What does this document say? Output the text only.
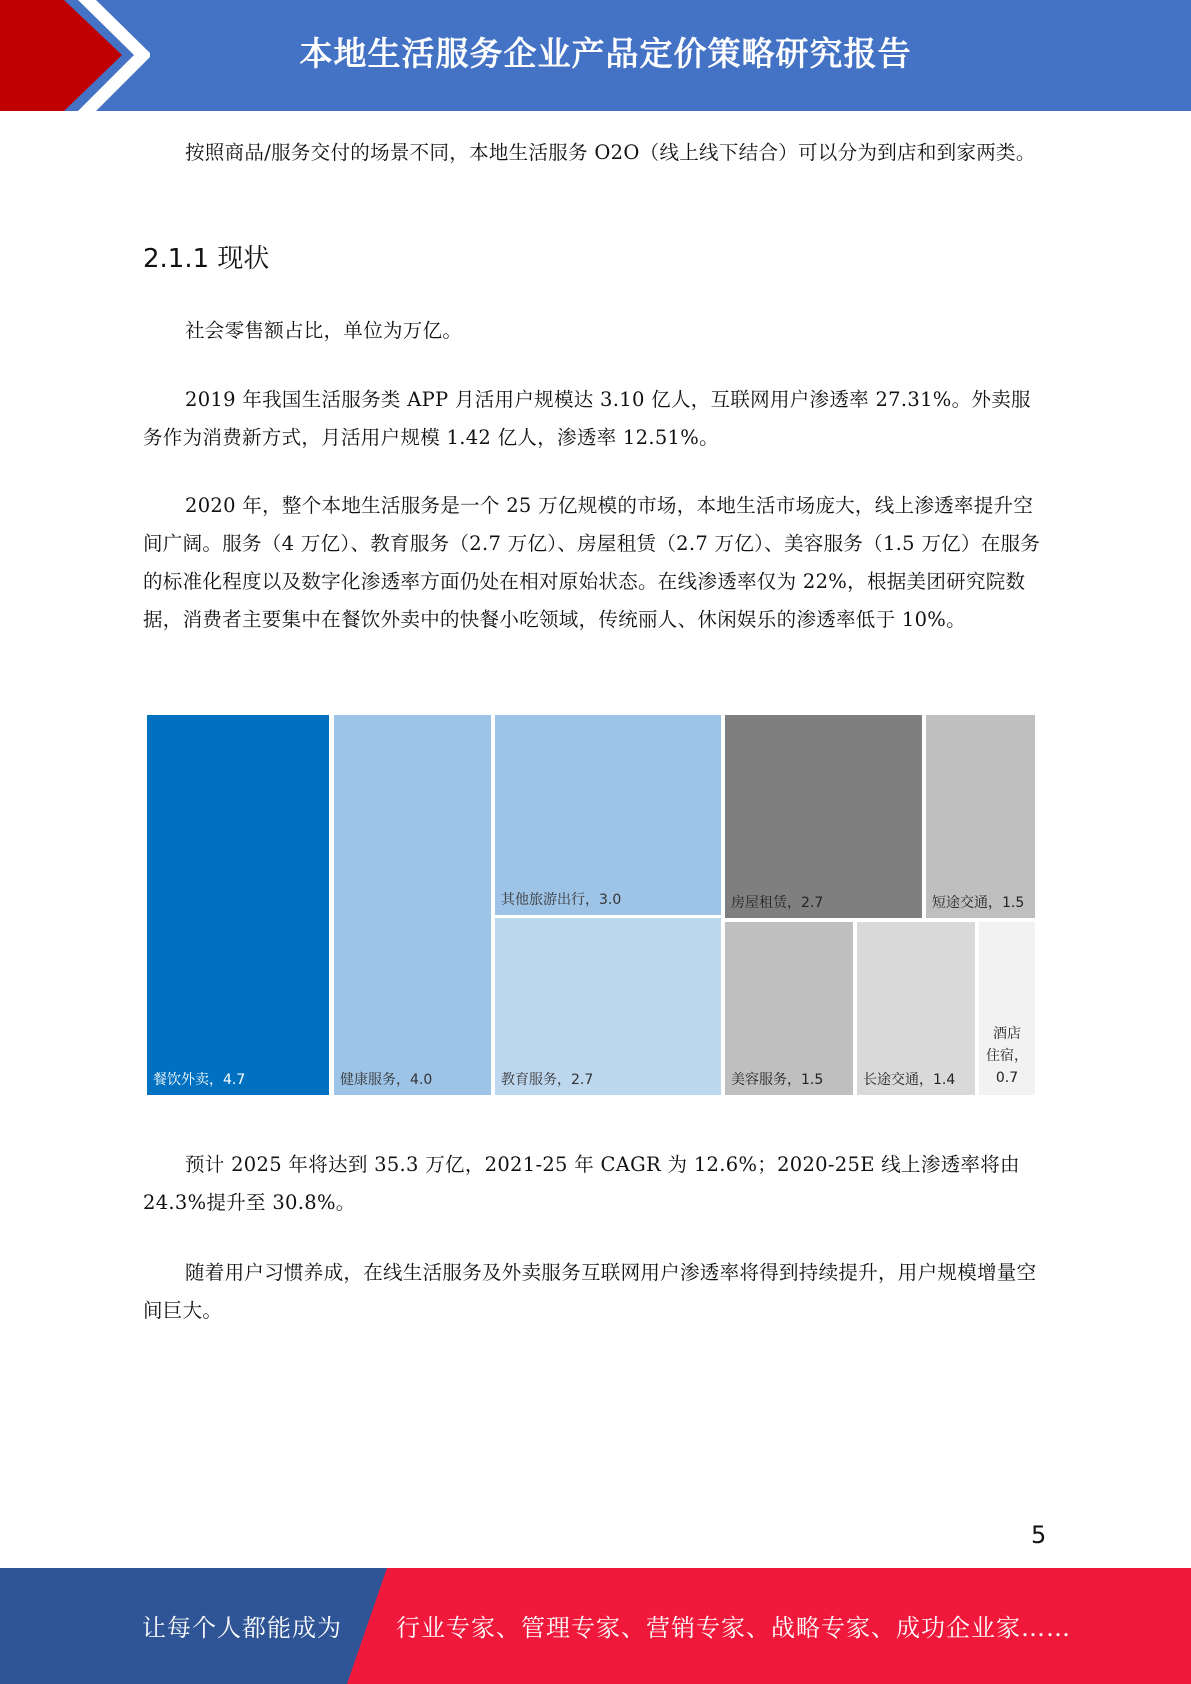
本地生活服务企业产品定价策略研究报告

按照商品/服务交付的场景不同，本地生活服务 O2O（线上线下结合）可以分为到店和到家两类。

2.1.1 现状

社会零售额占比，单位为万亿。

2019 年我国生活服务类 APP 月活用户规模达 3.10 亿人，互联网用户渗透率 27.31%。外卖服务作为消费新方式，月活用户规模 1.42 亿人，渗透率 12.51%。

2020 年，整个本地生活服务是一个 25 万亿规模的市场，本地生活市场庞大，线上渗透率提升空间广阔。服务（4 万亿）、教育服务（2.7 万亿）、房屋租赁（2.7 万亿）、美容服务（1.5 万亿）在服务的标准化程度以及数字化渗透率方面仍处在相对原始状态。在线渗透率仅为 22%，根据美团研究院数据，消费者主要集中在餐饮外卖中的快餐小吃领域，传统丽人、休闲娱乐的渗透率低于 10%。

餐饮外卖，4.7	健康服务，4.0
其他旅游出行，3.0
教育服务，2.7
房屋租赁，2.7	短途交通，1.5
美容服务，1.5	长途交通，1.4
酒店
住宿，
0.7

预计 2025 年将达到 35.3 万亿，2021-25 年 CAGR 为 12.6%；2020-25E 线上渗透率将由 24.3%提升至 30.8%。

随着用户习惯养成，在线生活服务及外卖服务互联网用户渗透率将得到持续提升，用户规模增量空间巨大。

5
让每个人都能成为 行业专家、管理专家、营销专家、战略专家、成功企业家……
